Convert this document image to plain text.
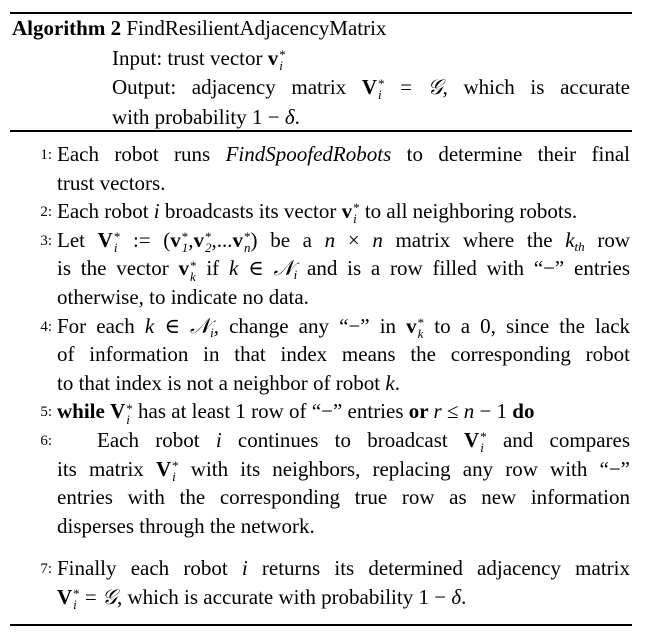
Algorithm 2 FindResilientAdjacencyMatrix
Input: trust vector v *
i
Output: adjacency matrix V *
i = 𝒢, which is accurate
with probability 1 − δ.
1: Each robot runs FindSpoofedRobots to determine their final
trust vectors.
2: Each robot i broadcasts its vector v *
i to all neighboring robots.
3: Let V *
i := (v *
1 ,v *
2 ,...v *
n ) be a n × n matrix where the kth row
is the vector v *
k if k ∈ 𝒩i and is a row filled with “−” entries
otherwise, to indicate no data.
4: For each k ∈ 𝒩i, change any “−” in v *
k to a 0, since the lack
of information in that index means the corresponding robot
to that index is not a neighbor of robot k.
5: while V *
i has at least 1 row of “−” entries or r ≤ n − 1 do
6:	Each robot i continues to broadcast V *
i and compares
its matrix V *
i with its neighbors, replacing any row with “−”
entries with the corresponding true row as new information
disperses through the network.
7: Finally each robot i returns its determined adjacency matrix
V *
i = 𝒢, which is accurate with probability 1 − δ.
